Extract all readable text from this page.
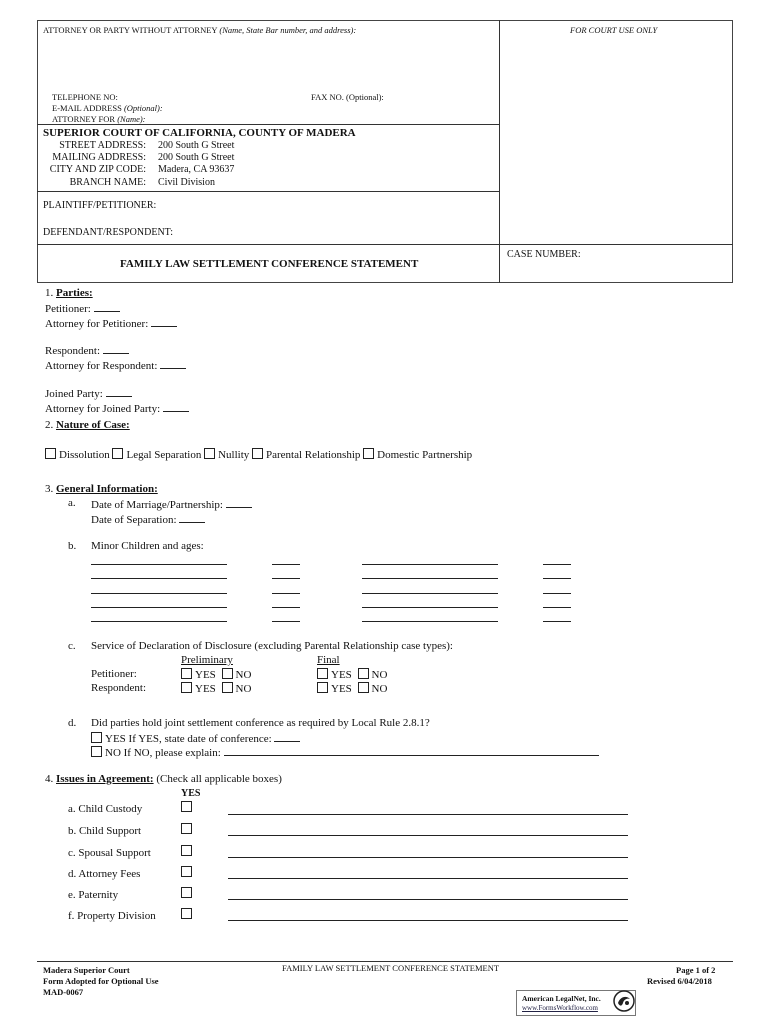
ATTORNEY OR PARTY WITHOUT ATTORNEY (Name, State Bar number, and address):	FOR COURT USE ONLY
TELEPHONE NO:	FAX NO. (Optional):
E-MAIL ADDRESS (Optional):
ATTORNEY FOR (Name):
SUPERIOR COURT OF CALIFORNIA, COUNTY OF MADERA
STREET ADDRESS: 200 South G Street
MAILING ADDRESS: 200 South G Street
CITY AND ZIP CODE: Madera, CA 93637
BRANCH NAME: Civil Division
PLAINTIFF/PETITIONER:
DEFENDANT/RESPONDENT:
FAMILY LAW SETTLEMENT CONFERENCE STATEMENT
CASE NUMBER:
1. Parties:
Petitioner:
Attorney for Petitioner:
Respondent:
Attorney for Respondent:
Joined Party:
Attorney for Joined Party:
2. Nature of Case:
Dissolution Legal Separation Nullity Parental Relationship Domestic Partnership
3. General Information:
a. Date of Marriage/Partnership:
Date of Separation:
b. Minor Children and ages:
c. Service of Declaration of Disclosure (excluding Parental Relationship case types):
Preliminary	Final
Petitioner:	YES NO	YES NO
Respondent:	YES NO	YES NO
d. Did parties hold joint settlement conference as required by Local Rule 2.8.1?
YES If YES, state date of conference:
NO If NO, please explain:
4. Issues in Agreement: (Check all applicable boxes)
YES
a. Child Custody
b. Child Support
c. Spousal Support
d. Attorney Fees
e. Paternity
f. Property Division
Madera Superior Court
Form Adopted for Optional Use
MAD-0067
FAMILY LAW SETTLEMENT CONFERENCE STATEMENT	Page 1 of 2
Revised 6/04/2018
American LegalNet, Inc.
www.FormsWorkflow.com
